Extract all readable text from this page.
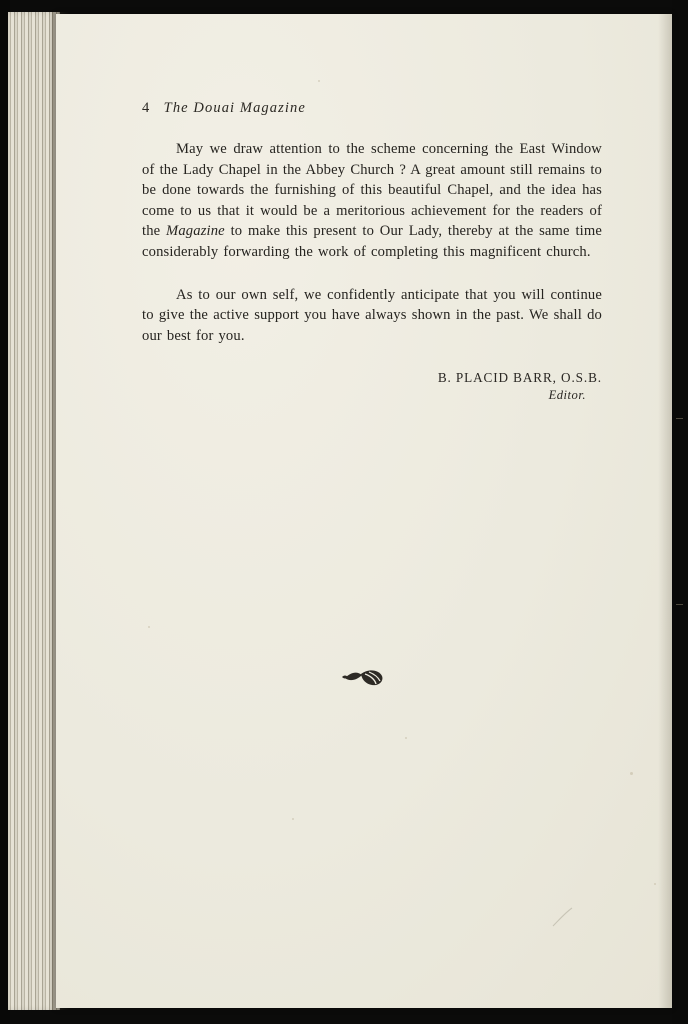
4 The Douai Magazine

May we draw attention to the scheme concerning the East Window of the Lady Chapel in the Abbey Church ? A great amount still remains to be done towards the furnishing of this beautiful Chapel, and the idea has come to us that it would be a meritorious achievement for the readers of the Magazine to make this present to Our Lady, thereby at the same time considerably forwarding the work of completing this magnificent church.

As to our own self, we confidently anticipate that you will continue to give the active support you have always shown in the past. We shall do our best for you.

B. PLACID BARR, O.S.B.
Editor.
